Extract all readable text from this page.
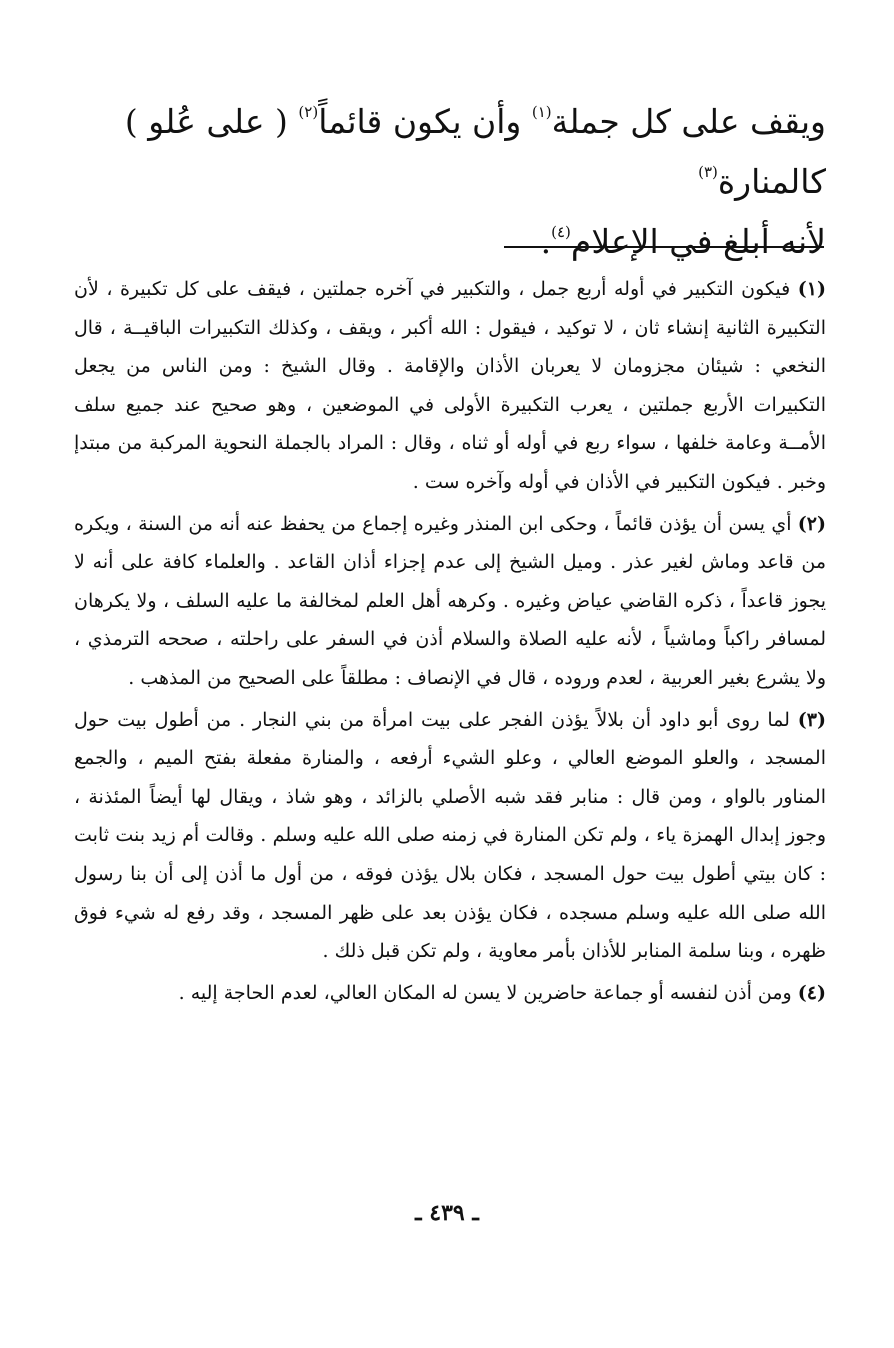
ويقف على كل جملة$^{(١)}$ وأن يكون قائماً$^{(٢)}$ ( على عُلو ) كالمنارة$^{(٣)}$
لأنه أبلغ في الإعلام$^{(٤)}$.

(١) فيكون التكبير في أوله أربع جمل ، والتكبير في آخره جملتين ، فيقف على كل تكبيرة ، لأن التكبيرة الثانية إنشاء ثان ، لا توكيد ، فيقول : الله أكبر ، ويقف ، وكذلك التكبيرات الباقيــة ، قال النخعي : شيئان مجزومان لا يعربان الأذان والإقامة . وقال الشيخ : ومن الناس من يجعل التكبيرات الأربع جملتين ، يعرب التكبيرة الأولى في الموضعين ، وهو صحيح عند جميع سلف الأمــة وعامة خلفها ، سواء ربع في أوله أو ثناه ، وقال : المراد بالجملة النحوية المركبة من مبتدإ وخبر . فيكون التكبير في الأذان في أوله وآخره ست .

(٢) أي يسن أن يؤذن قائماً ، وحكى ابن المنذر وغيره إجماع من يحفظ عنه أنه من السنة ، ويكره من قاعد وماش لغير عذر . وميل الشيخ إلى عدم إجزاء أذان القاعد . والعلماء كافة على أنه لا يجوز قاعداً ، ذكره القاضي عياض وغيره . وكرهه أهل العلم لمخالفة ما عليه السلف ، ولا يكرهان لمسافر راكباً وماشياً ، لأنه عليه الصلاة والسلام أذن في السفر على راحلته ، صححه الترمذي ، ولا يشرع بغير العربية ، لعدم وروده ، قال في الإنصاف : مطلقاً على الصحيح من المذهب .

(٣) لما روى أبو داود أن بلالاً يؤذن الفجر على بيت امرأة من بني النجار . من أطول بيت حول المسجد ، والعلو الموضع العالي ، وعلو الشيء أرفعه ، والمنارة مفعلة بفتح الميم ، والجمع المناور بالواو ، ومن قال : منابر فقد شبه الأصلي بالزائد ، وهو شاذ ، ويقال لها أيضاً المئذنة ، وجوز إبدال الهمزة ياء ، ولم تكن المنارة في زمنه صلى الله عليه وسلم . وقالت أم زيد بنت ثابت : كان بيتي أطول بيت حول المسجد ، فكان بلال يؤذن فوقه ، من أول ما أذن إلى أن بنا رسول الله صلى الله عليه وسلم مسجده ، فكان يؤذن بعد على ظهر المسجد ، وقد رفع له شيء فوق ظهره ، وبنا سلمة المنابر للأذان بأمر معاوية ، ولم تكن قبل ذلك .

(٤) ومن أذن لنفسه أو جماعة حاضرين لا يسن له المكان العالي، لعدم الحاجة إليه .

ـ ٤٣٩ ـ
